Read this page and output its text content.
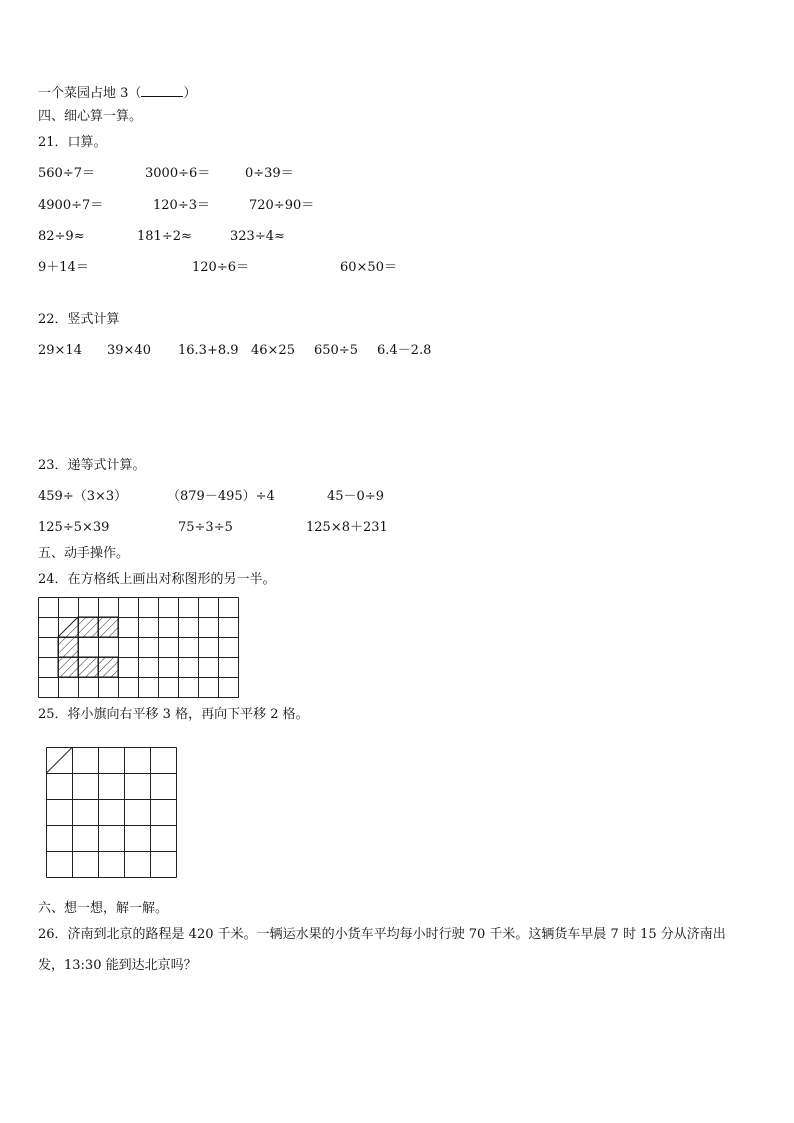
一个菜园占地 3（	）
四、细心算一算。
21．口算。
560÷7＝	3000÷6＝	0÷39＝
4900÷7＝	120÷3＝	720÷90＝
82÷9≈	181÷2≈	323÷4≈
9＋14＝	120÷6＝	60×50＝
22．竖式计算
29×14 39×40 16.3+8.9 46×25 650÷5 6.4－2.8
23．递等式计算。
459÷（3×3）	（879－495）÷4	45－0÷9
125÷5×39	75÷3÷5	125×8＋231
五、动手操作。
24．在方格纸上画出对称图形的另一半。
25．将小旗向右平移 3 格，再向下平移 2 格。
六、想一想，解一解。
26．济南到北京的路程是 420 千米。一辆运水果的小货车平均每小时行驶 70 千米。这辆货车早晨 7 时 15 分从济南出
发，13:30 能到达北京吗？
